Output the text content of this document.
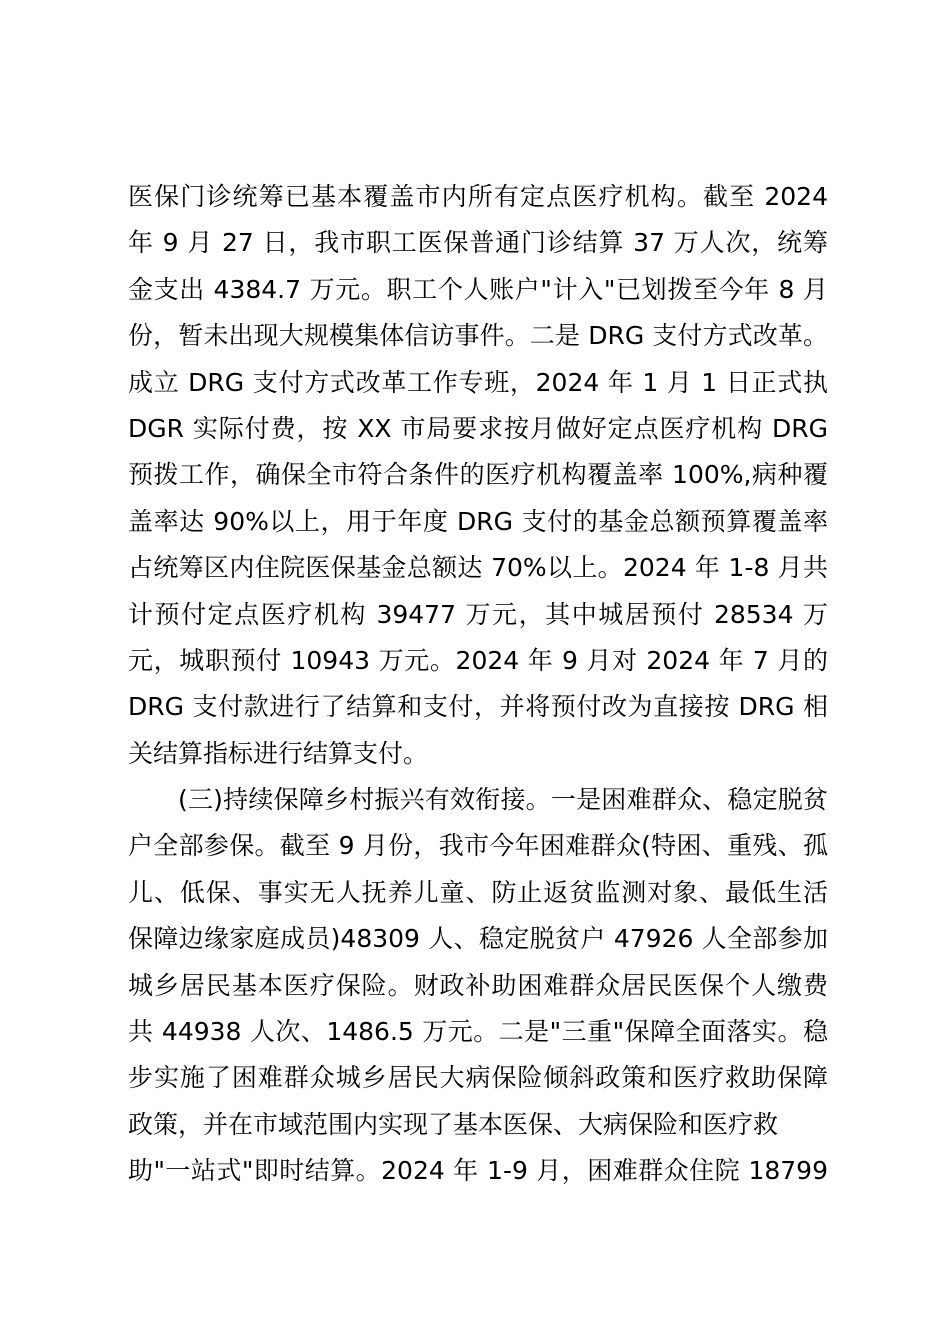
医保门诊统筹已基本覆盖市内所有定点医疗机构。截至 2024
年 9 月 27 日，我市职工医保普通门诊结算 37 万人次，统筹
金支出 4384.7 万元。职工个人账户"计入"已划拨至今年 8 月
份，暂未出现大规模集体信访事件。二是 DRG 支付方式改革。
成立 DRG 支付方式改革工作专班，2024 年 1 月 1 日正式执
DGR 实际付费，按 XX 市局要求按月做好定点医疗机构 DRG
预拨工作，确保全市符合条件的医疗机构覆盖率 100%,病种覆
盖率达 90%以上，用于年度 DRG 支付的基金总额预算覆盖率
占统筹区内住院医保基金总额达 70%以上。2024 年 1-8 月共
计预付定点医疗机构 39477 万元，其中城居预付 28534 万
元，城职预付 10943 万元。2024 年 9 月对 2024 年 7 月的
DRG 支付款进行了结算和支付，并将预付改为直接按 DRG 相
关结算指标进行结算支付。
(三)持续保障乡村振兴有效衔接。一是困难群众、稳定脱贫
户全部参保。截至 9 月份，我市今年困难群众(特困、重残、孤
儿、低保、事实无人抚养儿童、防止返贫监测对象、最低生活
保障边缘家庭成员)48309 人、稳定脱贫户 47926 人全部参加
城乡居民基本医疗保险。财政补助困难群众居民医保个人缴费
共 44938 人次、1486.5 万元。二是"三重"保障全面落实。稳
步实施了困难群众城乡居民大病保险倾斜政策和医疗救助保障
政策，并在市域范围内实现了基本医保、大病保险和医疗救
助"一站式"即时结算。2024 年 1-9 月，困难群众住院 18799
